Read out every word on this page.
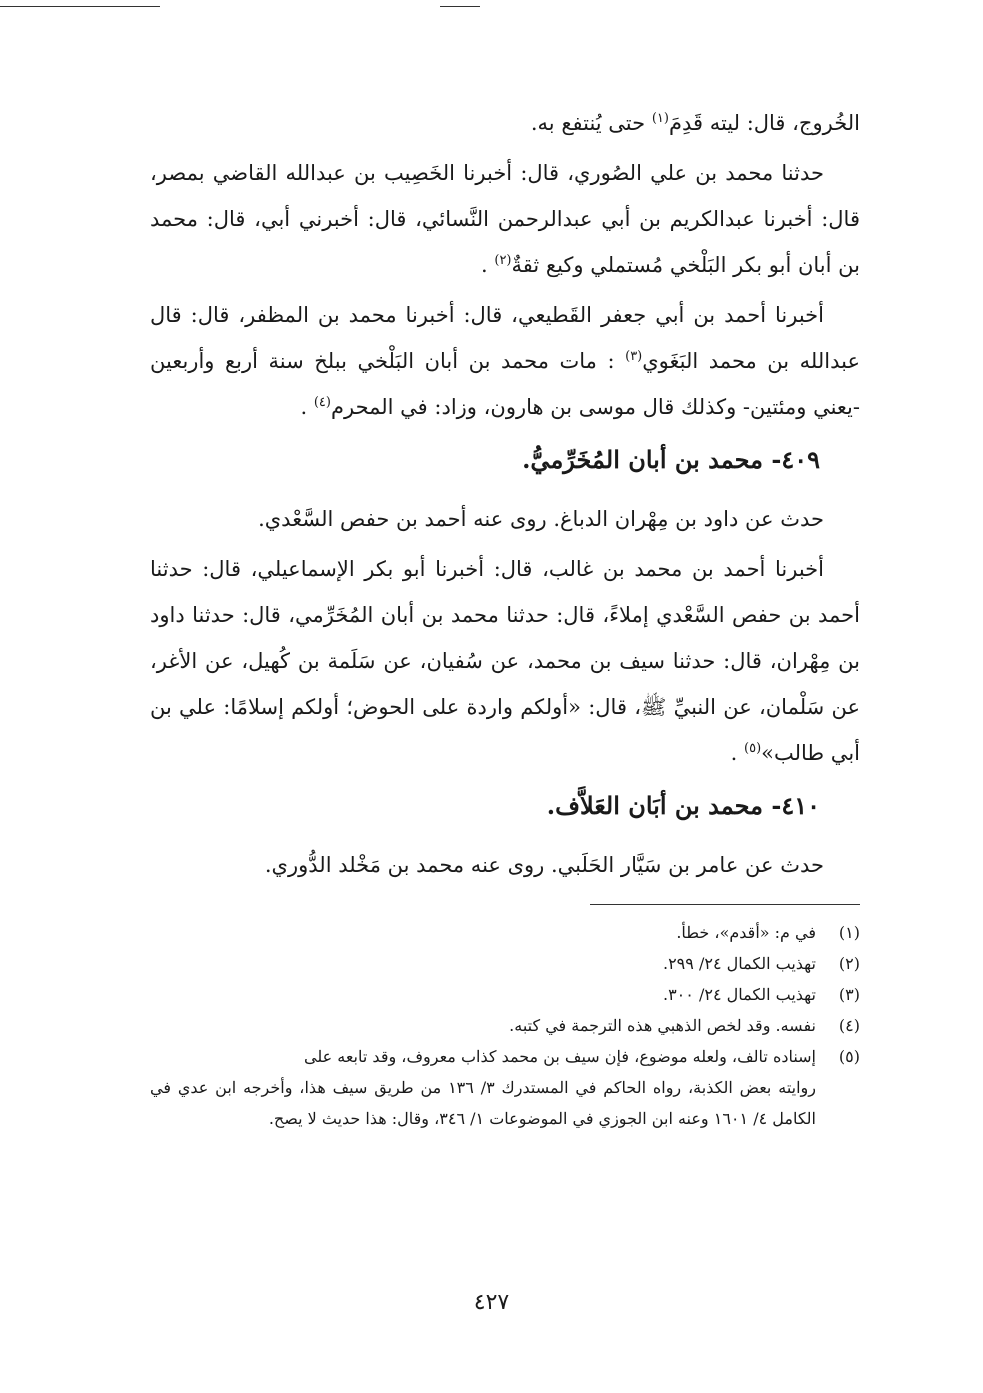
الخُروج، قال: ليته قَدِمَ$^{(١)}$ حتى يُنتفع به.

حدثنا محمد بن علي الصُوري، قال: أخبرنا الخَصِيب بن عبدالله القاضي بمصر، قال: أخبرنا عبدالكريم بن أبي عبدالرحمن النَّسائي، قال: أخبرني أبي، قال: محمد بن أبان أبو بكر البَلْخي مُستملي وكيع ثقةٌ$^{(٢)}$ .

أخبرنا أحمد بن أبي جعفر القَطيعي، قال: أخبرنا محمد بن المظفر، قال: قال عبدالله بن محمد البَغَوي$^{(٣)}$ : مات محمد بن أبان البَلْخي ببلخ سنة أربع وأربعين -يعني ومئتين- وكذلك قال موسى بن هارون، وزاد: في المحرم$^{(٤)}$ .

٤٠٩- محمد بن أبان المُخَرِّميُّ.

حدث عن داود بن مِهْران الدباغ. روى عنه أحمد بن حفص السَّعْدي.

أخبرنا أحمد بن محمد بن غالب، قال: أخبرنا أبو بكر الإسماعيلي، قال: حدثنا أحمد بن حفص السَّعْدي إملاءً، قال: حدثنا محمد بن أبان المُخَرِّمي، قال: حدثنا داود بن مِهْران، قال: حدثنا سيف بن محمد، عن سُفيان، عن سَلَمة بن كُهيل، عن الأغر، عن سَلْمان، عن النبيِّ ﷺ، قال: «أولكم واردة على الحوض؛ أولكم إسلامًا: علي بن أبي طالب»$^{(٥)}$ .

٤١٠- محمد بن أبَان العَلاَّف.

حدث عن عامر بن سَيَّار الحَلَبي. روى عنه محمد بن مَخْلد الدُّوري.

(١)
في م: «أقدم»، خطأ.
(٢)
تهذيب الكمال ٢٤/ ٢٩٩.
(٣)
تهذيب الكمال ٢٤/ ٣٠٠.
(٤)
نفسه. وقد لخص الذهبي هذه الترجمة في كتبه.
(٥)
إسناده تالف، ولعله موضوع، فإن سيف بن محمد كذاب معروف، وقد تابعه على
روايته بعض الكذبة، رواه الحاكم في المستدرك ٣/ ١٣٦ من طريق سيف هذا، وأخرجه ابن عدي في الكامل ٤/ ١٦٠١ وعنه ابن الجوزي في الموضوعات ١/ ٣٤٦، وقال: هذا حديث لا يصح.
٤٢٧
